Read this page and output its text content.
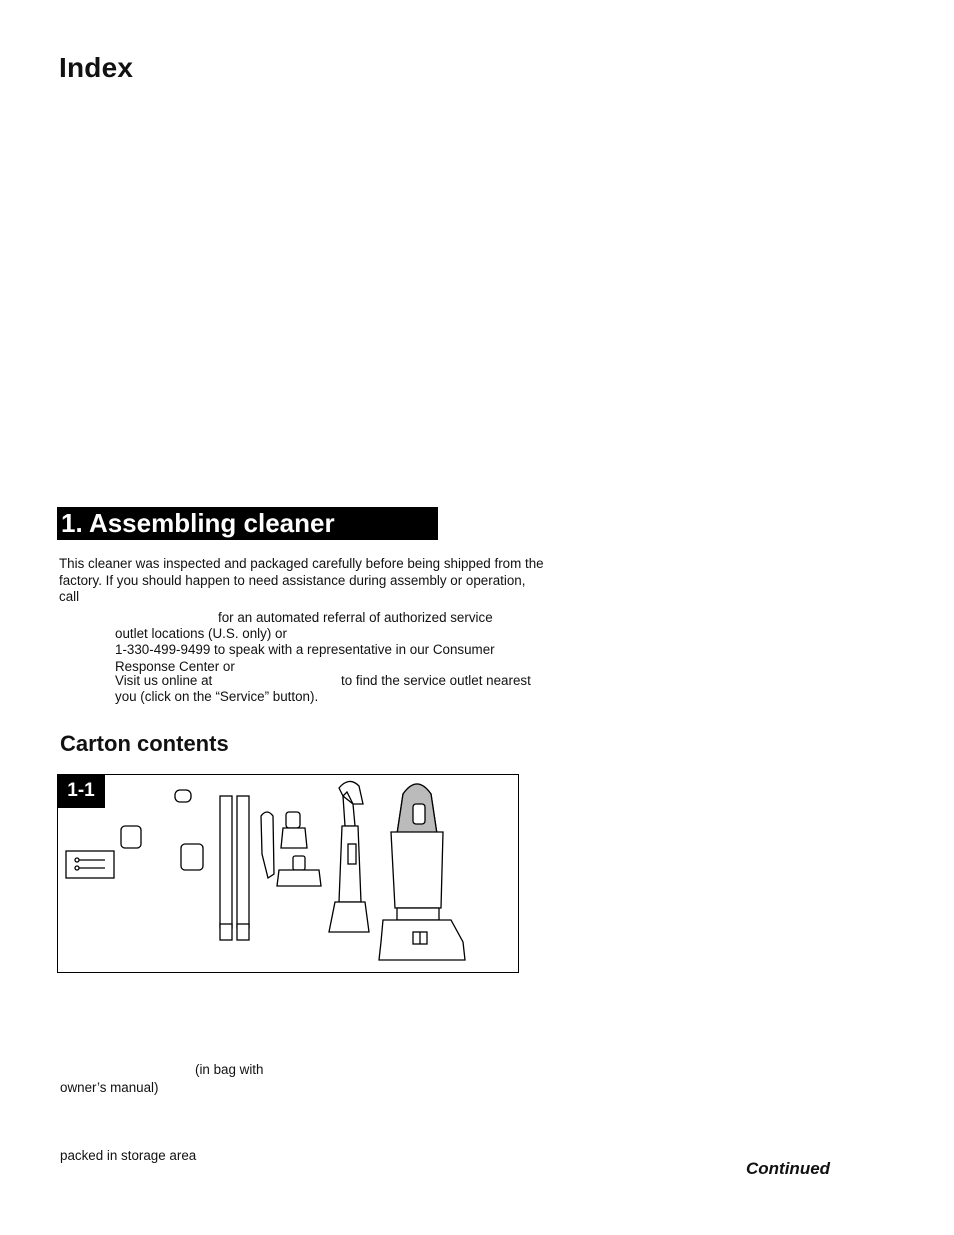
Index
1. Assembling cleaner

This cleaner was inspected and packaged carefully before being shipped from the factory. If you should happen to need assistance during assembly or operation, call

for an automated referral of authorized service

outlet locations (U.S. only) or

1-330-499-9499 to speak with a representative in our Consumer Response Center or

Visit us online at	to find the service outlet nearest

you (click on the “Service” button).

Carton contents
1-1

(in bag with

owner’s manual)

packed in storage area

Continued
